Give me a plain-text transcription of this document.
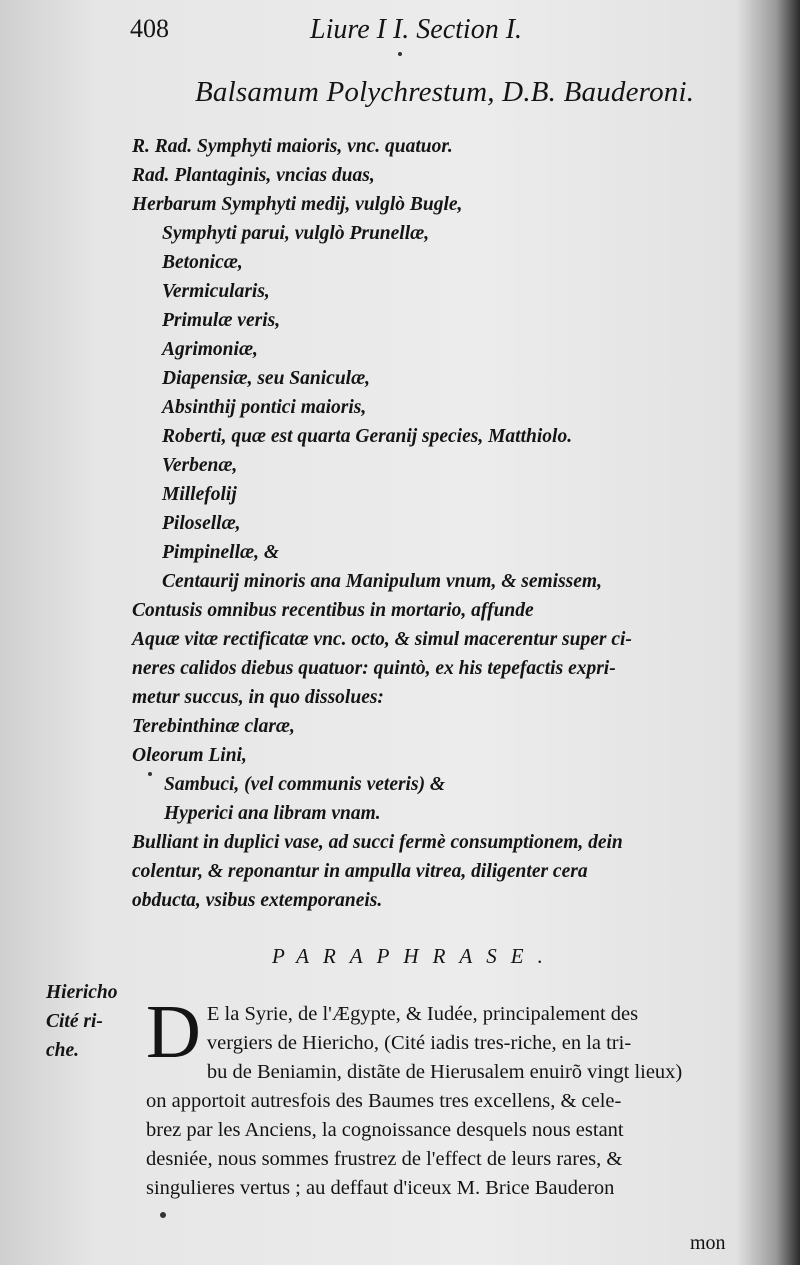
408	Liure I I. Section I.
Balsamum Polychrestum, D.B. Bauderoni.
R. Rad. Symphyti maioris, vnc. quatuor.
Rad. Plantaginis, vncias duas,
Herbarum Symphyti medij, vulglò Bugle,
Symphyti parui, vulglò Prunellæ,
Betonicæ,
Vermicularis,
Primulæ veris,
Agrimoniæ,
Diapensiæ, seu Saniculæ,
Absinthij pontici maioris,
Roberti, quæ est quarta Geranij species, Matthiolo.
Verbenæ,
Millefolij
Pilosellæ,
Pimpinellæ, &
Centaurij minoris ana Manipulum vnum, & semissem,
Contusis omnibus recentibus in mortario, affunde
Aquæ vitæ rectificatæ vnc. octo, & simul macerentur super ci-
neres calidos diebus quatuor: quintò, ex his tepefactis expri-
metur succus, in quo dissolues:
Terebinthinæ claræ,
Oleorum Lini,
Sambuci, (vel communis veteris) &
Hyperici ana libram vnam.
Bulliant in duplici vase, ad succi fermè consumptionem, dein
colentur, & reponantur in ampulla vitrea, diligenter cera
obducta, vsibus extemporaneis.
PARAPHRASE.
Hiericho
Cité ri-
che. D E la Syrie, de l'Ægypte, & Iudée, principalement des
vergiers de Hiericho, (Cité iadis tres-riche, en la tri-
bu de Beniamin, distãte de Hierusalem enuirõ vingt lieux)
on apportoit autresfois des Baumes tres excellens, & cele-
brez par les Anciens, la cognoissance desquels nous estant
desniée, nous sommes frustrez de l'effect de leurs rares, &
singulieres vertus ; au deffaut d'iceux M. Brice Bauderon
mon
